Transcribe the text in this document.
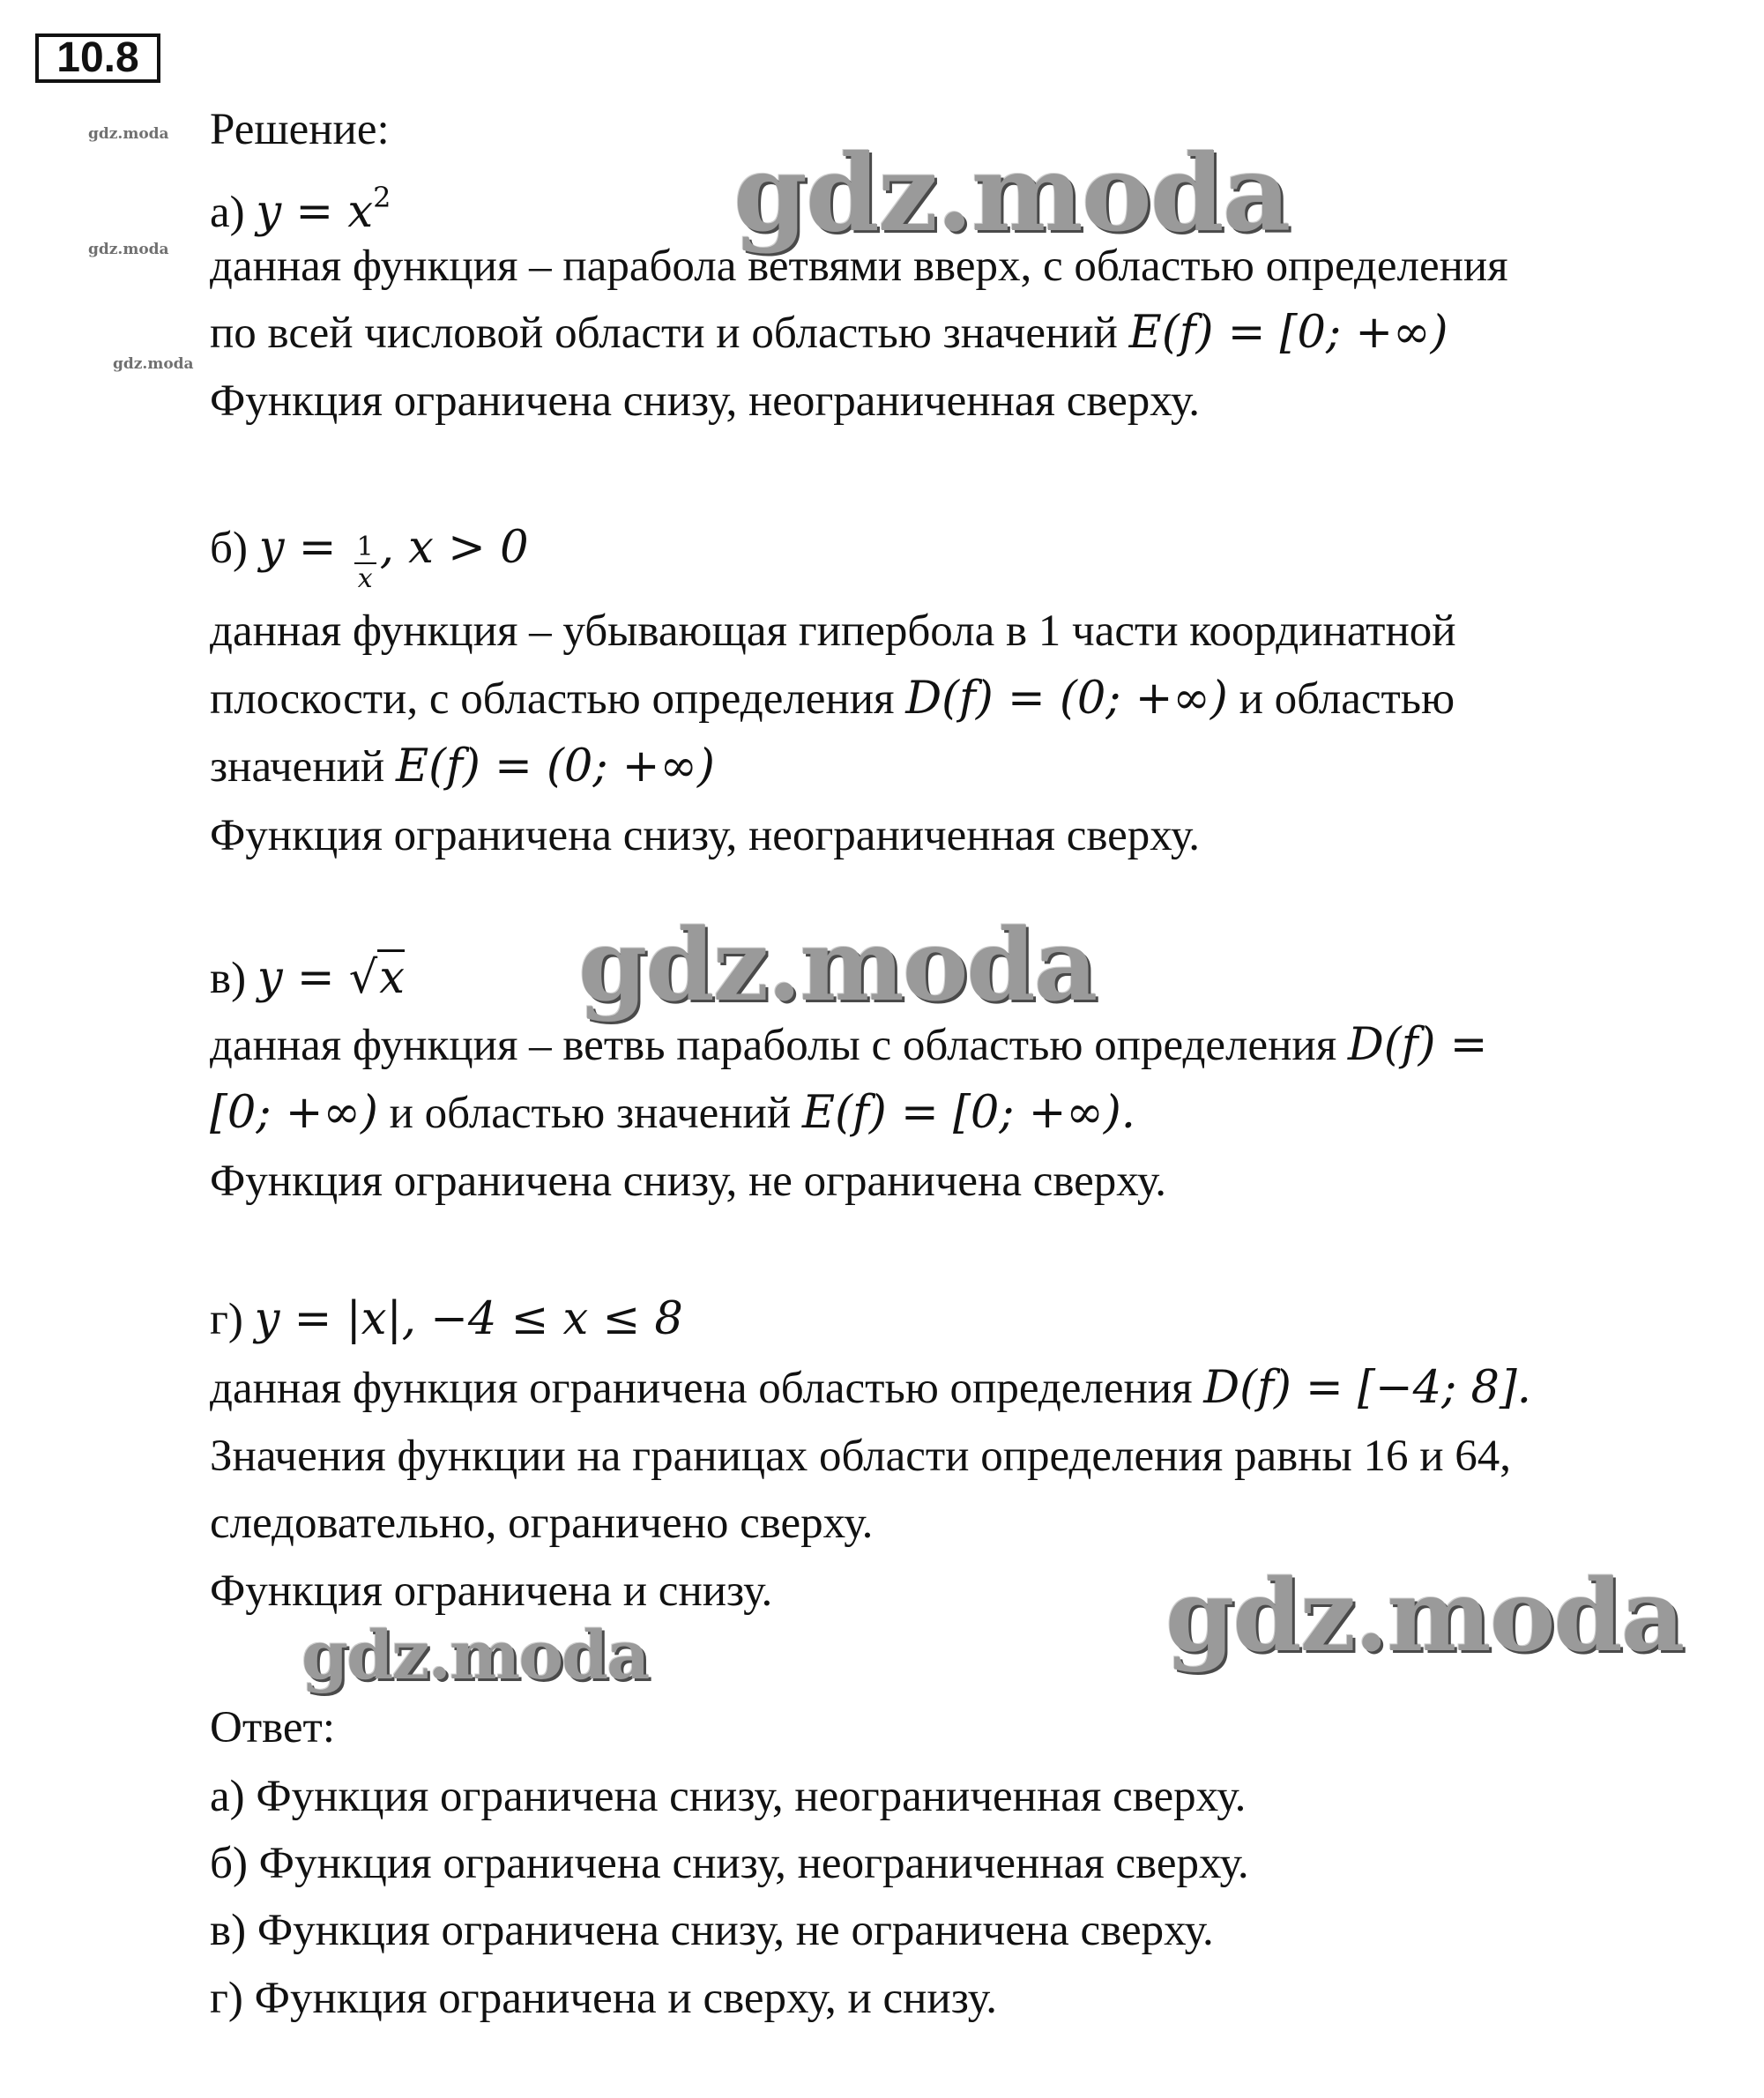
10.8
gdz.moda
gdz.moda
gdz.moda
gdz.moda
gdz.moda
gdz.moda
gdz.moda
Решение:
а) $y = x^2$
данная функция – парабола ветвями вверх, с областью определения
по всей числовой области и областью значений E(f) = [0; +∞)
Функция ограничена снизу, неограниченная сверху.
б) $y = \frac{1}{x}$ , x > 0
данная функция – убывающая гипербола в 1 части координатной
плоскости, с областью определения D(f) = (0; +∞) и областью
значений E(f) = (0; +∞)
Функция ограничена снизу, неограниченная сверху.
в) y = √x
данная функция – ветвь параболы с областью определения D(f) =
[0; +∞) и областью значений E(f) = [0; +∞).
Функция ограничена снизу, не ограничена сверху.
г) y = |x|, −4 ≤ x ≤ 8
данная функция ограничена областью определения D(f) = [−4; 8].
Значения функции на границах области определения равны 16 и 64,
следовательно, ограничено сверху.
Функция ограничена и снизу.
Ответ:
а) Функция ограничена снизу, неограниченная сверху.
б) Функция ограничена снизу, неограниченная сверху.
в) Функция ограничена снизу, не ограничена сверху.
г) Функция ограничена и сверху, и снизу.
